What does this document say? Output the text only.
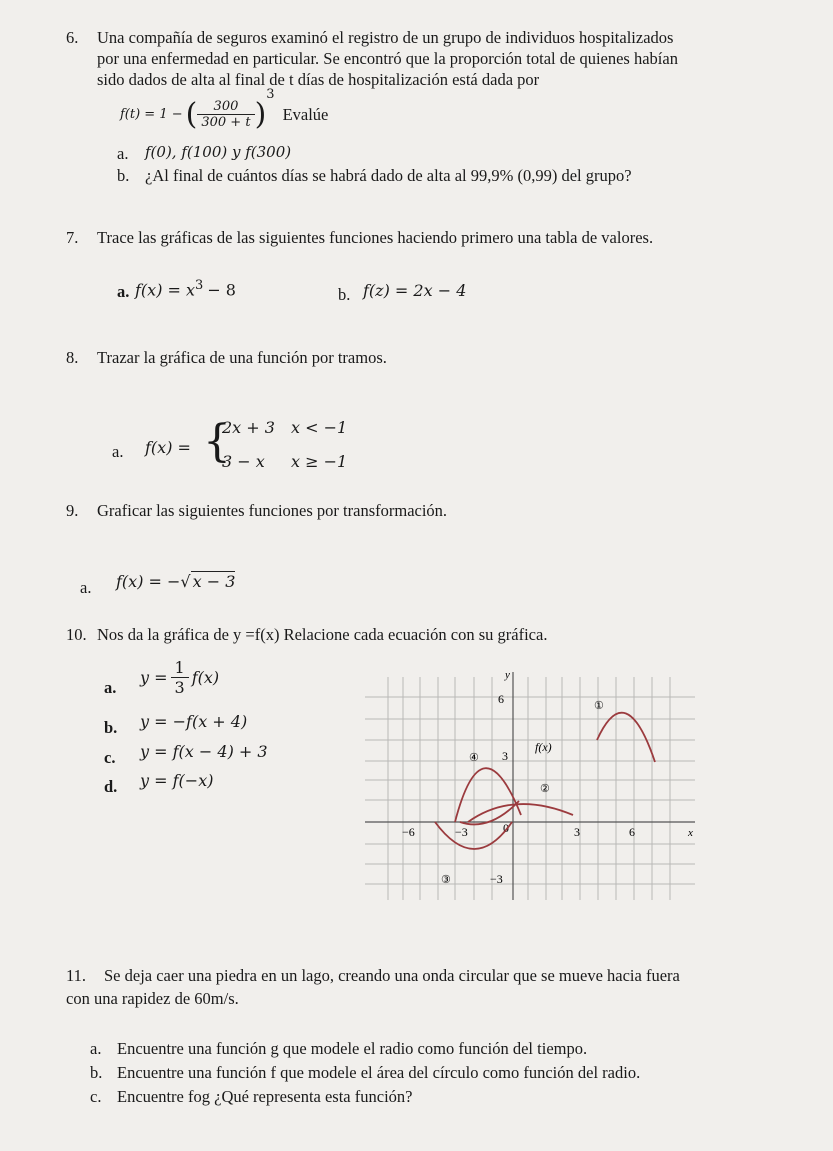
6. Una compañía de seguros examinó el registro de un grupo de individuos hospitalizados
por una enfermedad en particular. Se encontró que la proporción total de quienes habían
sido dados de alta al final de t días de hospitalización está dada por
f(t) = 1 − ( $\frac{300}{300 + t}$ )
3
Evalúe
a. f(0), f(100) y f(300)
b. ¿Al final de cuántos días se habrá dado de alta al 99,9% (0,99) del grupo?
7. Trace las gráficas de las siguientes funciones haciendo primero una tabla de valores.
a. $f(x) = x^3 - 8$	b. f(z) = 2x − 4
8. Trazar la gráfica de una función por tramos.
a. f(x) = {
2x + 3 x < −1
3 − x x ≥ −1
9. Graficar las siguientes funciones por transformación.
a. f(x) = −√ x − 3
10. Nos da la gráfica de y =f(x) Relacione cada ecuación con su gráfica.
a.
$y = \frac{1}{3} f(x)$
b. y = −f(x + 4)
c. y = f(x − 4) + 3
d. y = f(−x)
y
x
−6	−3	0	3	6
6
3
−3
f(x)
①
②
③
④
11. Se deja caer una piedra en un lago, creando una onda circular que se mueve hacia fuera
con una rapidez de 60m/s.
a. Encuentre una función g que modele el radio como función del tiempo.
b. Encuentre una función f que modele el área del círculo como función del radio.
c. Encuentre fog ¿Qué representa esta función?
